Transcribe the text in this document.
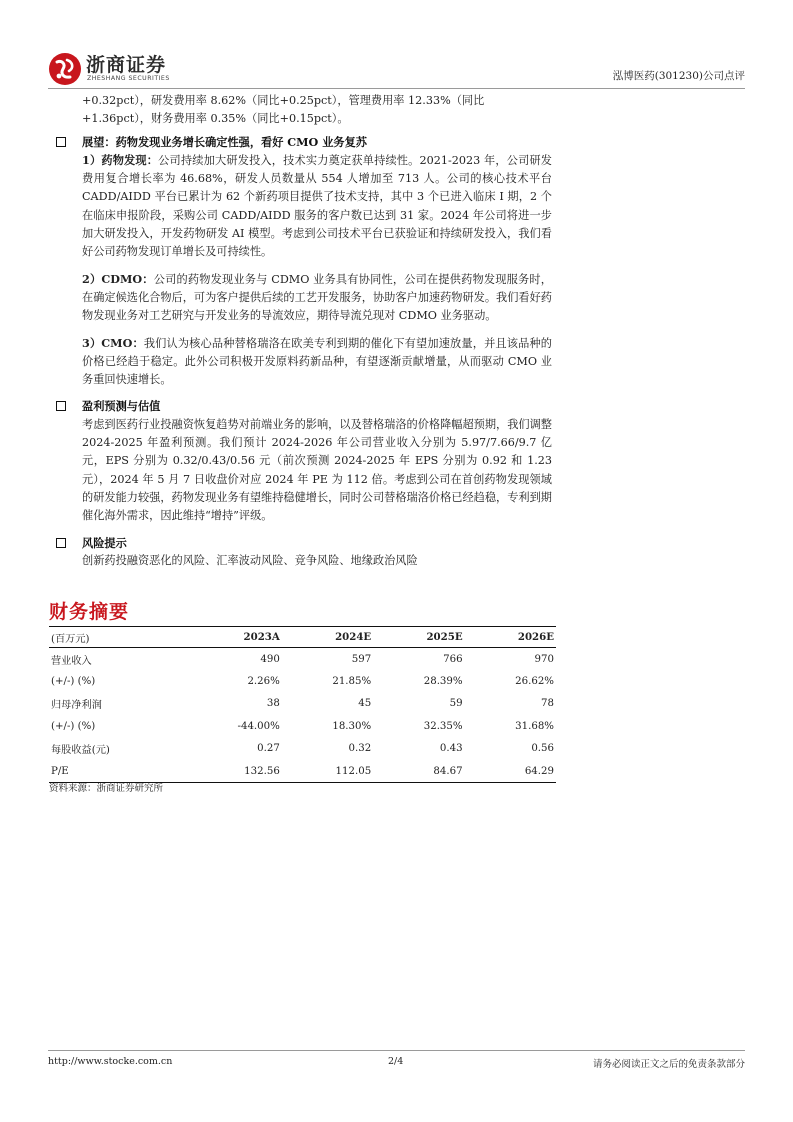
浙商证券
ZHESHANG SECURITIES	泓博医药(301230)公司点评
+0.32pct），研发费用率 8.62%（同比+0.25pct），管理费用率 12.33%（同比
+1.36pct），财务费用率 0.35%（同比+0.15pct）。
展望：药物发现业务增长确定性强，看好 CMO 业务复苏
1）药物发现：公司持续加大研发投入，技术实力奠定获单持续性。2021-2023 年，公司研发费用复合增长率为 46.68%，研发人员数量从 554 人增加至 713 人。公司的核心技术平台 CADD/AIDD 平台已累计为 62 个新药项目提供了技术支持，其中 3 个已进入临床 I 期，2 个在临床申报阶段，采购公司 CADD/AIDD 服务的客户数已达到 31 家。2024 年公司将进一步加大研发投入，开发药物研发 AI 模型。考虑到公司技术平台已获验证和持续研发投入，我们看好公司药物发现订单增长及可持续性。
2）CDMO：公司的药物发现业务与 CDMO 业务具有协同性，公司在提供药物发现服务时，在确定候选化合物后，可为客户提供后续的工艺开发服务，协助客户加速药物研发。我们看好药物发现业务对工艺研究与开发业务的导流效应，期待导流兑现对 CDMO 业务驱动。
3）CMO：我们认为核心品种替格瑞洛在欧美专利到期的催化下有望加速放量，并且该品种的价格已经趋于稳定。此外公司积极开发原料药新品种，有望逐渐贡献增量，从而驱动 CMO 业务重回快速增长。
盈利预测与估值
考虑到医药行业投融资恢复趋势对前端业务的影响，以及替格瑞洛的价格降幅超预期，我们调整 2024-2025 年盈利预测。我们预计 2024-2026 年公司营业收入分别为 5.97/7.66/9.7 亿元，EPS 分别为 0.32/0.43/0.56 元（前次预测 2024-2025 年 EPS 分别为 0.92 和 1.23 元），2024 年 5 月 7 日收盘价对应 2024 年 PE 为 112 倍。考虑到公司在首创药物发现领域的研发能力较强，药物发现业务有望维持稳健增长，同时公司替格瑞洛价格已经趋稳，专利到期催化海外需求，因此维持“增持”评级。
风险提示
创新药投融资恶化的风险、汇率波动风险、竞争风险、地缘政治风险
财务摘要
(百万元)	2023A	2024E	2025E	2026E
营业收入	490	597	766	970
(+/-) (%)	2.26%	21.85%	28.39%	26.62%
归母净利润	38	45	59	78
(+/-) (%)	-44.00%	18.30%	32.35%	31.68%
每股收益(元)	0.27	0.32	0.43	0.56
P/E	132.56	112.05	84.67	64.29
资料来源：浙商证券研究所
http://www.stocke.com.cn	2/4	请务必阅读正文之后的免责条款部分
